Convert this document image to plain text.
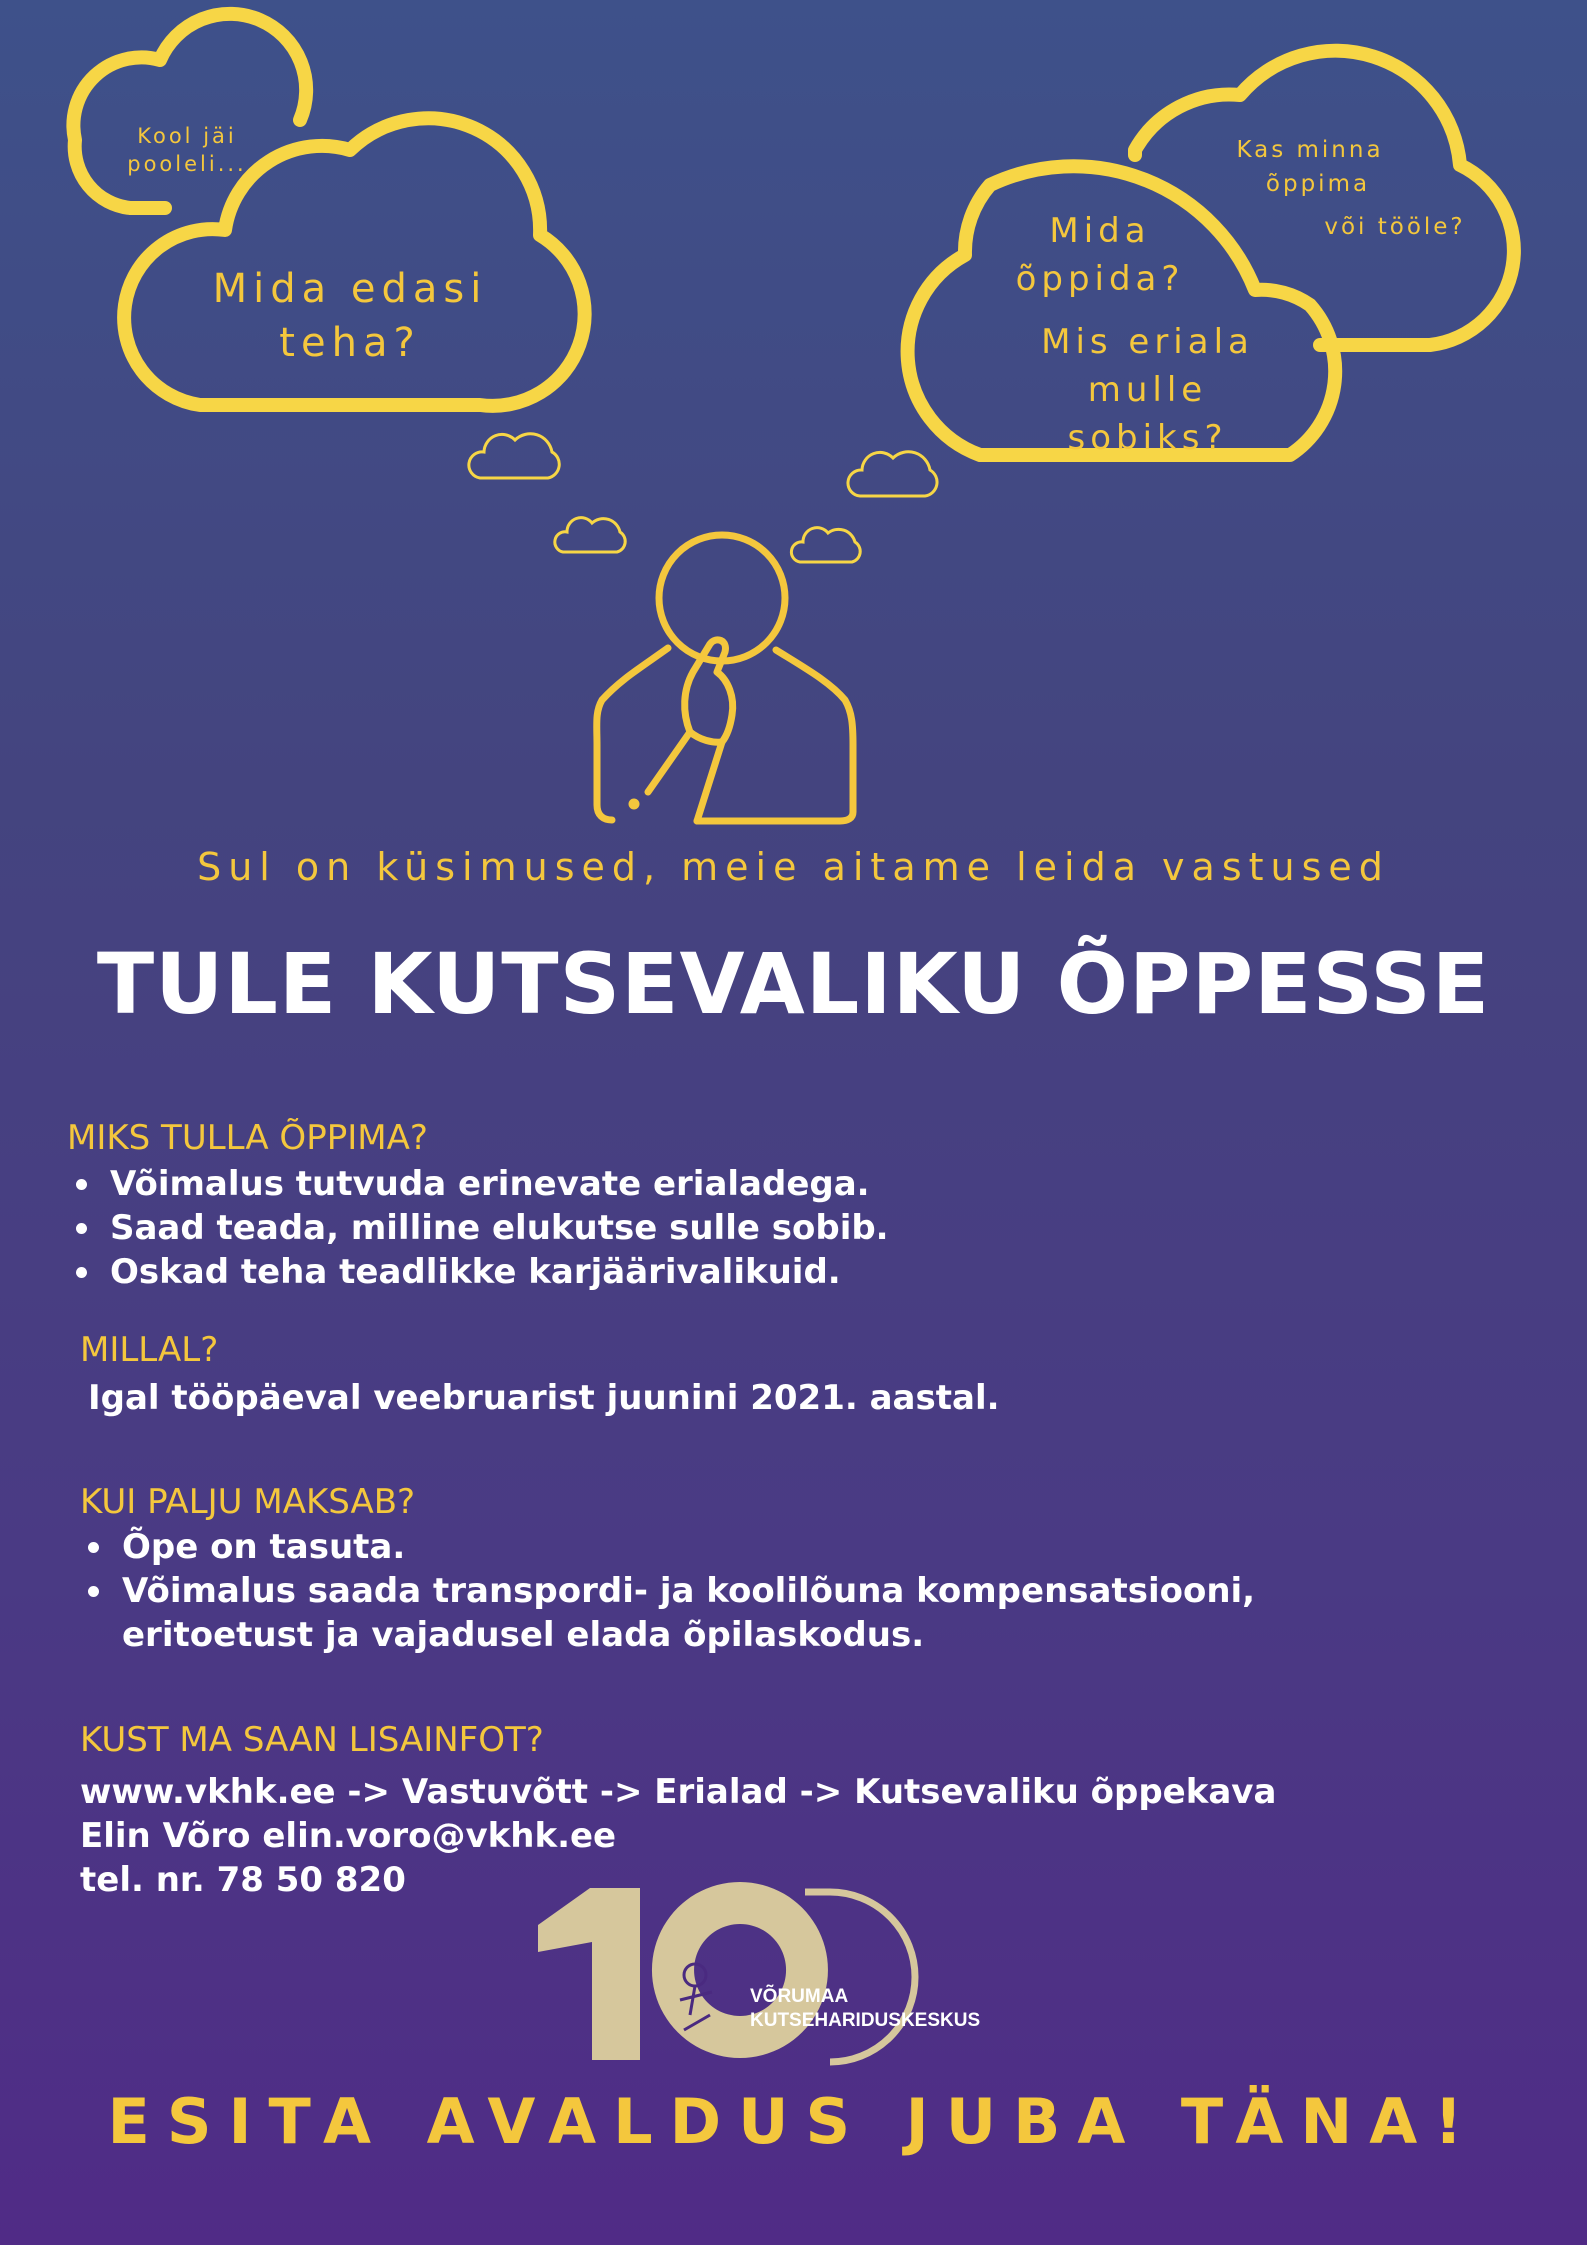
Kool jäi
pooleli...
Mida edasi
teha?
Kas minna
õppima
või tööle?
Mida
õppida?
Mis eriala
mulle
sobiks?
Sul on küsimused, meie aitame leida vastused
TULE KUTSEVALIKU ÕPPESSE
MIKS TULLA ÕPPIMA?
Võimalus tutvuda erinevate erialadega.
Saad teada, milline elukutse sulle sobib.
Oskad teha teadlikke karjäärivalikuid.
MILLAL?
Igal tööpäeval veebruarist juunini 2021. aastal.
KUI PALJU MAKSAB?
Õpe on tasuta.
Võimalus saada transpordi- ja koolilõuna kompensatsiooni,
eritoetust ja vajadusel elada õpilaskodus.
KUST MA SAAN LISAINFOT?
www.vkhk.ee -> Vastuvõtt -> Erialad -> Kutsevaliku õppekava
Elin Võro elin.voro@vkhk.ee
tel. nr. 78 50 820	100
VÕRUMAA
KUTSEHARIDUSKESKUS
ESITA AVALDUS JUBA TÄNA!
